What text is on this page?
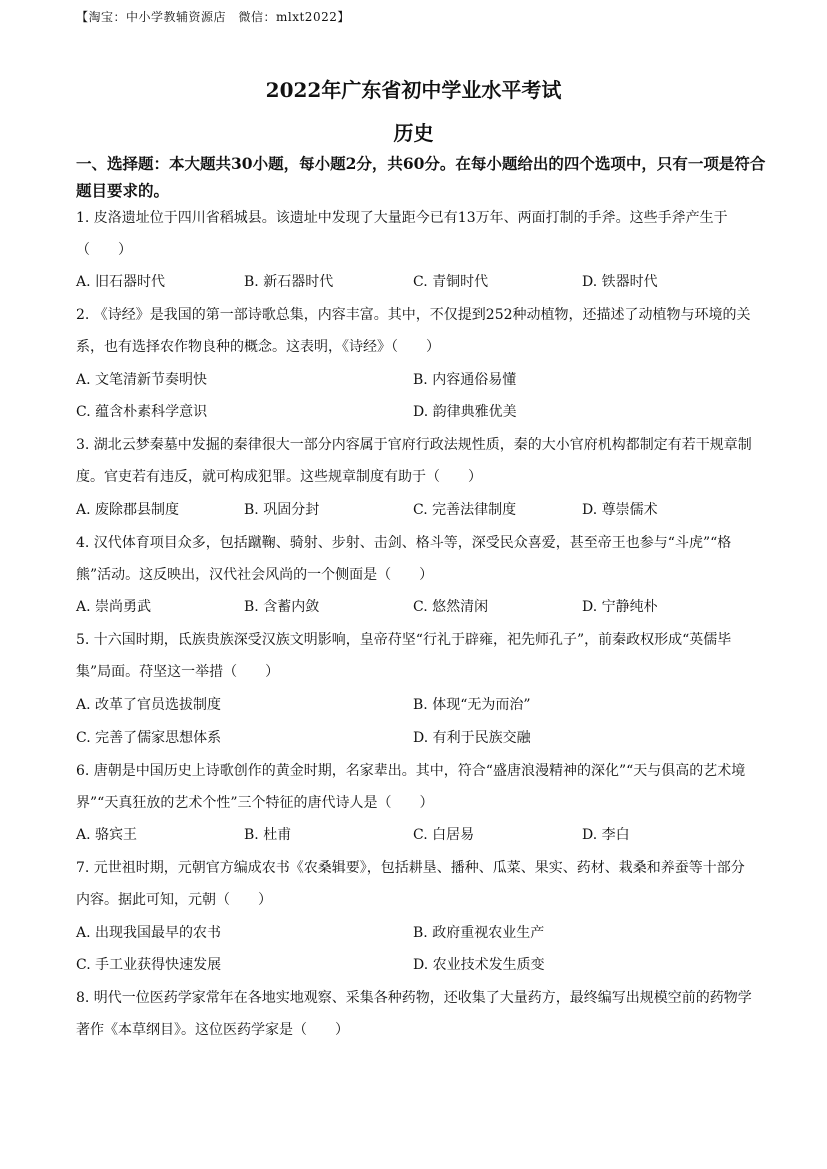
【淘宝：中小学教辅资源店　微信：mlxt2022】
2022年广东省初中学业水平考试
历史
一、选择题：本大题共30小题，每小题2分，共60分。在每小题给出的四个选项中，只有一项是符合题目要求的。
1. 皮洛遗址位于四川省稻城县。该遗址中发现了大量距今已有13万年、两面打制的手斧。这些手斧产生于（　　）
A. 旧石器时代	B. 新石器时代	C. 青铜时代	D. 铁器时代
2. 《诗经》是我国的第一部诗歌总集，内容丰富。其中，不仅提到252种动植物，还描述了动植物与环境的关系，也有选择农作物良种的概念。这表明，《诗经》（　　）
A. 文笔清新节奏明快	B. 内容通俗易懂
C. 蕴含朴素科学意识	D. 韵律典雅优美
3. 湖北云梦秦墓中发掘的秦律很大一部分内容属于官府行政法规性质，秦的大小官府机构都制定有若干规章制度。官吏若有违反，就可构成犯罪。这些规章制度有助于（　　）
A. 废除郡县制度	B. 巩固分封	C. 完善法律制度	D. 尊崇儒术
4. 汉代体育项目众多，包括蹴鞠、骑射、步射、击剑、格斗等，深受民众喜爱，甚至帝王也参与“斗虎”“格熊”活动。这反映出，汉代社会风尚的一个侧面是（　　）
A. 崇尚勇武	B. 含蓄内敛	C. 悠然清闲	D. 宁静纯朴
5. 十六国时期，氐族贵族深受汉族文明影响，皇帝苻坚“行礼于辟雍，祀先师孔子”，前秦政权形成“英儒毕集”局面。苻坚这一举措（　　）
A. 改革了官员选拔制度	B. 体现“无为而治”
C. 完善了儒家思想体系	D. 有利于民族交融
6. 唐朝是中国历史上诗歌创作的黄金时期，名家辈出。其中，符合“盛唐浪漫精神的深化”“天与俱高的艺术境界”“天真狂放的艺术个性”三个特征的唐代诗人是（　　）
A. 骆宾王	B. 杜甫	C. 白居易	D. 李白
7. 元世祖时期，元朝官方编成农书《农桑辑要》，包括耕垦、播种、瓜菜、果实、药材、栽桑和养蚕等十部分内容。据此可知，元朝（　　）
A. 出现我国最早的农书	B. 政府重视农业生产
C. 手工业获得快速发展	D. 农业技术发生质变
8. 明代一位医药学家常年在各地实地观察、采集各种药物，还收集了大量药方，最终编写出规模空前的药物学著作《本草纲目》。这位医药学家是（　　）
